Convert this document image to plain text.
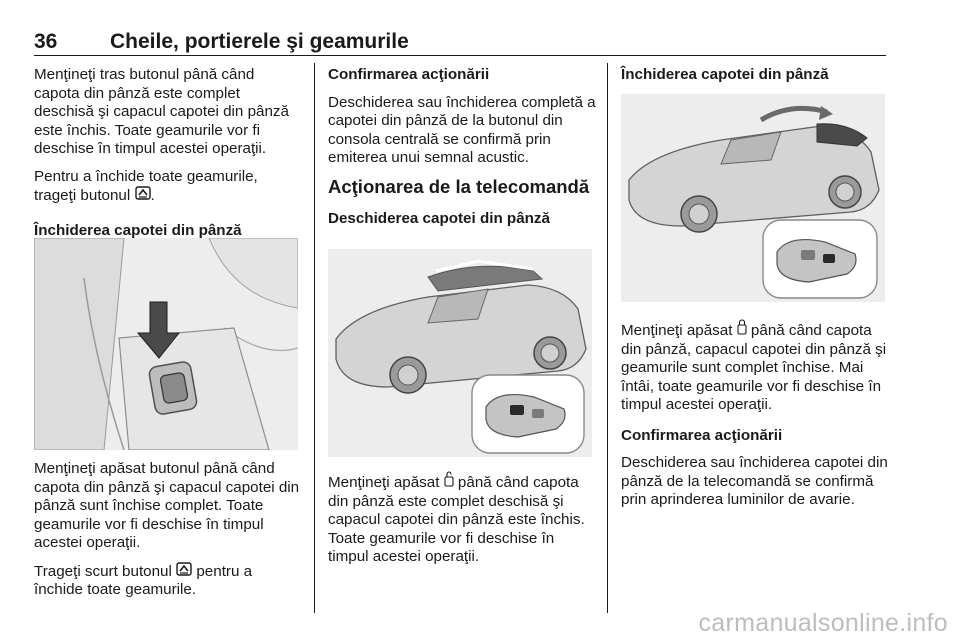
36	Cheile, portierele şi geamurile

Menţineţi tras butonul până când capota din pânză este complet deschisă şi capacul capotei din pânză este închis. Toate geamurile vor fi deschise în timpul acestei operaţii.

Pentru a închide toate geamurile, trageţi butonul .

Închiderea capotei din pânză

Menţineţi apăsat butonul până când capota din pânză şi capacul capotei din pânză sunt închise complet. Toate geamurile vor fi deschise în timpul acestei operaţii.

Trageţi scurt butonul pentru a închide toate geamurile.

Confirmarea acţionării

Deschiderea sau închiderea completă a capotei din pânză de la butonul din consola centrală se confirmă prin emiterea unui semnal acustic.

Acţionarea de la telecomandă

Deschiderea capotei din pânză

Menţineţi apăsat până când capota din pânză este complet deschisă şi capacul capotei din pânză este închis. Toate geamurile vor fi deschise în timpul acestei operaţii.

Închiderea capotei din pânză

Menţineţi apăsat până când capota din pânză, capacul capotei din pânză şi geamurile sunt complet închise. Mai întâi, toate geamurile vor fi deschise în timpul acestei operaţii.

Confirmarea acţionării

Deschiderea sau închiderea capotei din pânză de la telecomandă se confirmă prin aprinderea luminilor de avarie.

carmanualsonline.info
